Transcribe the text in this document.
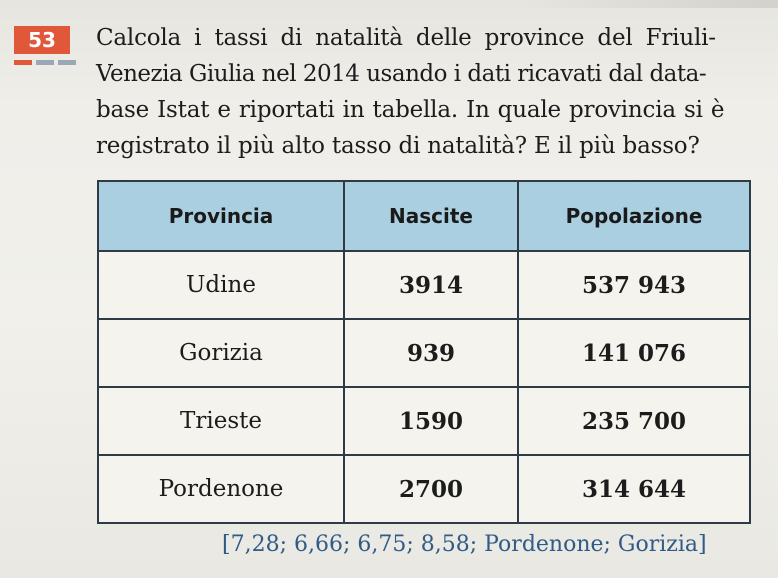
53	Calcola i tassi di natalità delle province del Friuli-
Venezia Giulia nel 2014 usando i dati ricavati dal data-
base Istat e riportati in tabella. In quale provincia si è
registrato il più alto tasso di natalità? E il più basso?

Provincia	Nascite	Popolazione
Udine	3914	537 943
Gorizia	939	141 076
Trieste	1590	235 700
Pordenone	2700	314 644
[7,28; 6,66; 6,75; 8,58; Pordenone; Gorizia]
